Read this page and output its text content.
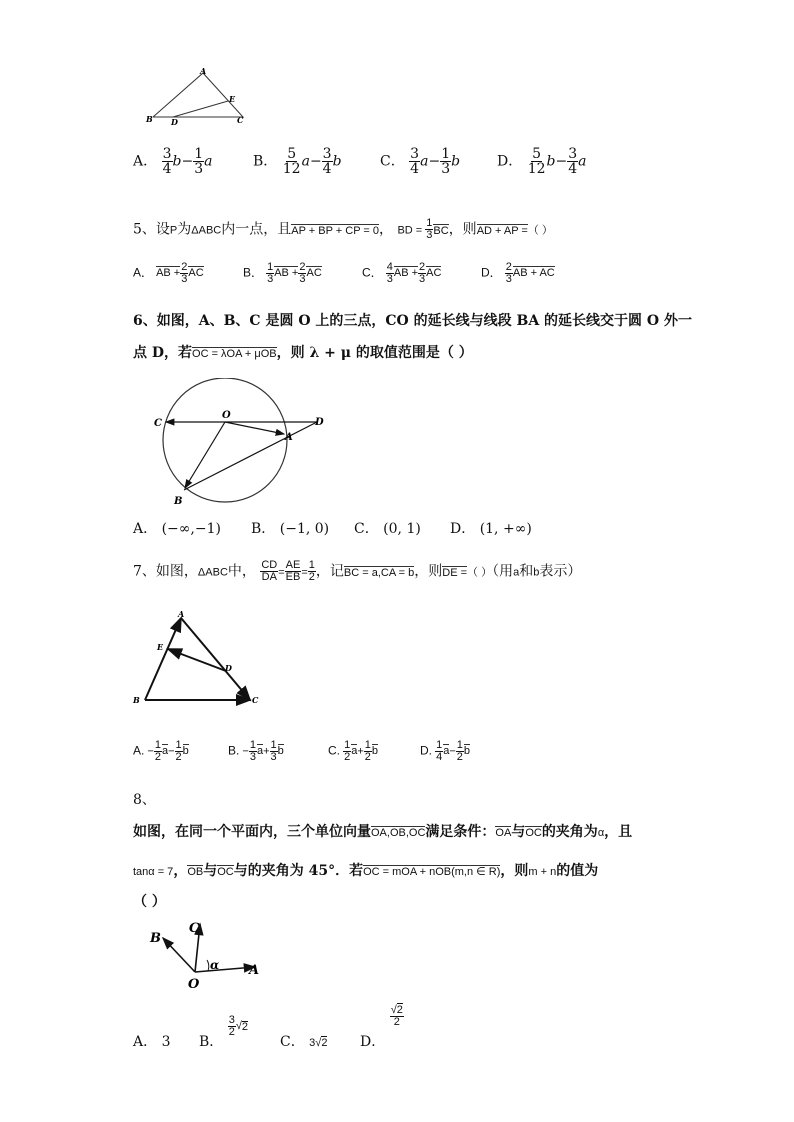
A
E
B D	C
A． $\frac{3}{4} b- \frac{1}{3}$ a	B． $\frac{5}{12} a- \frac{3}{4}$ b	C． $\frac{3}{4} a- \frac{1}{3}$ b	D． $\frac{5}{12} b- \frac{3}{4}$ a
5、设P为ΔABC内一点，且AP + BP + CP = 0， BD = $\frac{1}{3}$ BC，则AD + AP =（ ）
A． AB + $\frac{2}{3}$ AC	B． $\frac{1}{3}$ AB + $\frac{2}{3}$ AC	C． $\frac{4}{3}$ AB + $\frac{2}{3}$ AC	D． $\frac{2}{3}$ AB + AC
6、如图，A、B、C 是圆 O 上的三点，CO 的延长线与线段 BA 的延长线交于圆 O 外一
点 D，若OC = λOA + μOB，则 λ + μ 的取值范围是（ ）
C
O
D
A
B
A． (−∞,−1) B． (−1, 0) C． (0, 1) D． (1, +∞)
7、如图，ΔABC中， $\frac{CD}{DA} = \frac{AE}{EB} = \frac{1}{2}$ ，记BC = a,CA = b，则DE =（ ）（用a和b表示）
A
E
D
B	C
A. − $\frac{1}{2} a- \frac{1}{2}$ b	B. − $\frac{1}{3} a+ \frac{1}{3}$ b	C. $\frac{1}{2} a+ \frac{1}{2}$ b	D. $\frac{1}{4} a- \frac{1}{2}$ b
8、
如图，在同一个平面内，三个单位向量OA,OB,OC满足条件：OA与OC的夹角为α，且
tanα = 7，OB与OC与的夹角为 45°．若OC = mOA + nOB(m,n ∈ R)，则m + n的值为
（ ）
C
B
O
A
α
A． 3 B．
$\frac{3}{2}$ √ 2
C． 3√2 D．
$\frac{√2}{2}$
